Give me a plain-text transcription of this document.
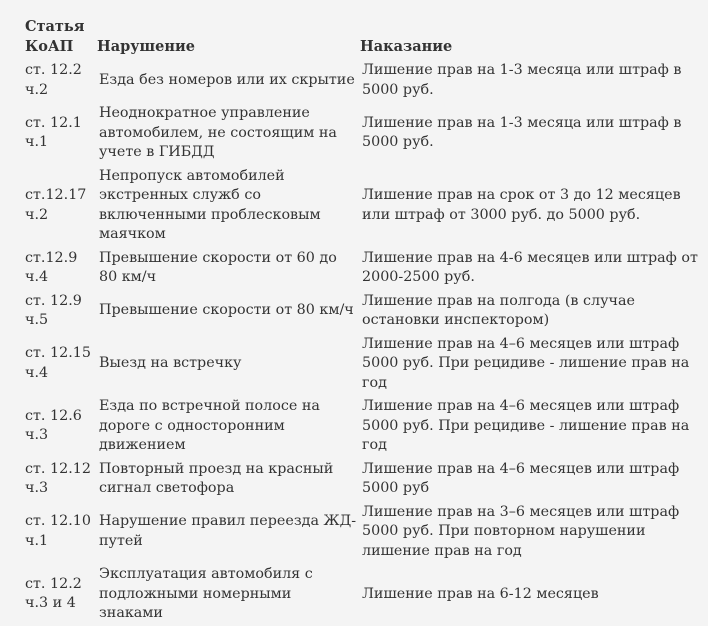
Статья КоАП	Нарушение	Наказание
ст. 12.2 ч.2	Езда без номеров или их скрытие	Лишение прав на 1-3 месяца или штраф в 5000 руб.
ст. 12.1 ч.1	Неоднократное управление автомобилем, не состоящим на учете в ГИБДД	Лишение прав на 1-3 месяца или штраф в 5000 руб.
ст.12.17 ч.2	Непропуск автомобилей экстренных служб со включенными проблесковым маячком	Лишение прав на срок от 3 до 12 месяцев или штраф от 3000 руб. до 5000 руб.
ст.12.9 ч.4	Превышение скорости от 60 до 80 км/ч	Лишение прав на 4-6 месяцев или штраф от 2000-2500 руб.
ст. 12.9 ч.5	Превышение скорости от 80 км/ч	Лишение прав на полгода (в случае остановки инспектором)
ст. 12.15 ч.4	Выезд на встречку	Лишение прав на 4–6 месяцев или штраф 5000 руб. При рецидиве - лишение прав на год
ст. 12.6 ч.3	Езда по встречной полосе на дороге с односторонним движением	Лишение прав на 4–6 месяцев или штраф 5000 руб. При рецидиве - лишение прав на год
ст. 12.12 ч.3	Повторный проезд на красный сигнал светофора	Лишение прав на 4–6 месяцев или штраф 5000 руб
ст. 12.10 ч.1	Нарушение правил переезда ЖД-путей	Лишение прав на 3–6 месяцев или штраф 5000 руб. При повторном нарушении лишение прав на год
ст. 12.2 ч.3 и 4	Эксплуатация автомобиля с подложными номерными знаками	Лишение прав на 6-12 месяцев
